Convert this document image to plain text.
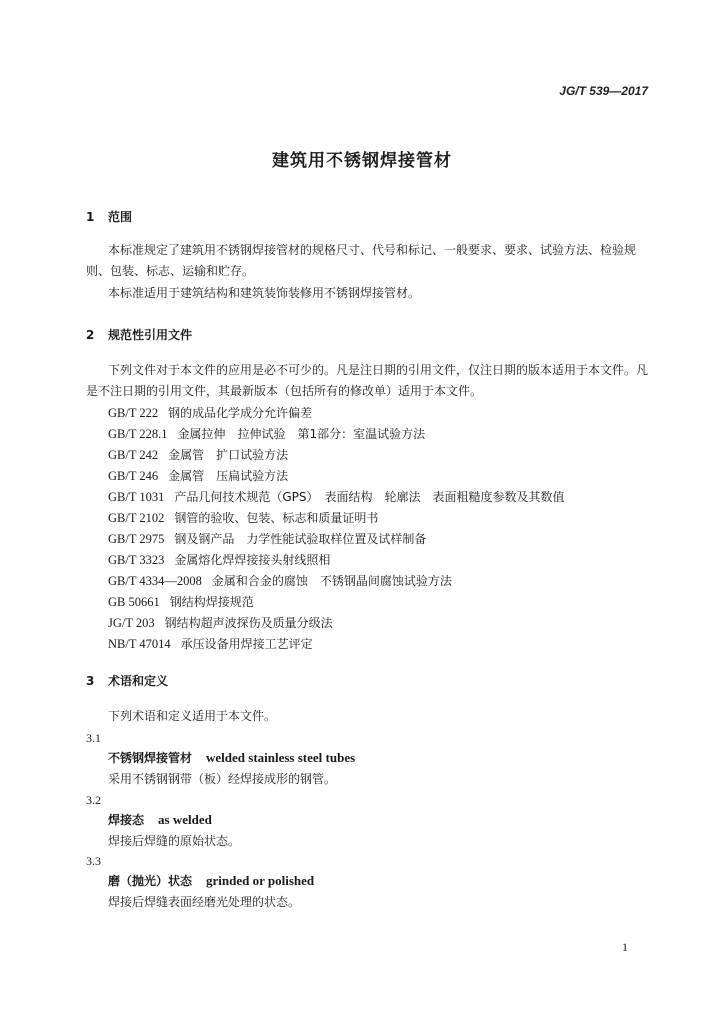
JG/T 539—2017
建筑用不锈钢焊接管材
1 范围
本标准规定了建筑用不锈钢焊接管材的规格尺寸、代号和标记、一般要求、要求、试验方法、检验规则、包装、标志、运输和贮存。
本标准适用于建筑结构和建筑装饰装修用不锈钢焊接管材。
2 规范性引用文件
下列文件对于本文件的应用是必不可少的。凡是注日期的引用文件，仅注日期的版本适用于本文件。凡是不注日期的引用文件，其最新版本（包括所有的修改单）适用于本文件。
GB/T 222 钢的成品化学成分允许偏差
GB/T 228.1 金属拉伸　拉伸试验　第1部分：室温试验方法
GB/T 242 金属管　扩口试验方法
GB/T 246 金属管　压扁试验方法
GB/T 1031 产品几何技术规范（GPS）　表面结构　轮廓法　表面粗糙度参数及其数值
GB/T 2102 钢管的验收、包装、标志和质量证明书
GB/T 2975 钢及钢产品　力学性能试验取样位置及试样制备
GB/T 3323 金属熔化焊焊接接头射线照相
GB/T 4334—2008 金属和合金的腐蚀　不锈钢晶间腐蚀试验方法
GB 50661 钢结构焊接规范
JG/T 203 钢结构超声波探伤及质量分级法
NB/T 47014 承压设备用焊接工艺评定
3 术语和定义
下列术语和定义适用于本文件。
3.1
不锈钢焊接管材 welded stainless steel tubes
采用不锈钢钢带（板）经焊接成形的钢管。
3.2
焊接态 as welded
焊接后焊缝的原始状态。
3.3
磨（抛光）状态 grinded or polished
焊接后焊缝表面经磨光处理的状态。
1
